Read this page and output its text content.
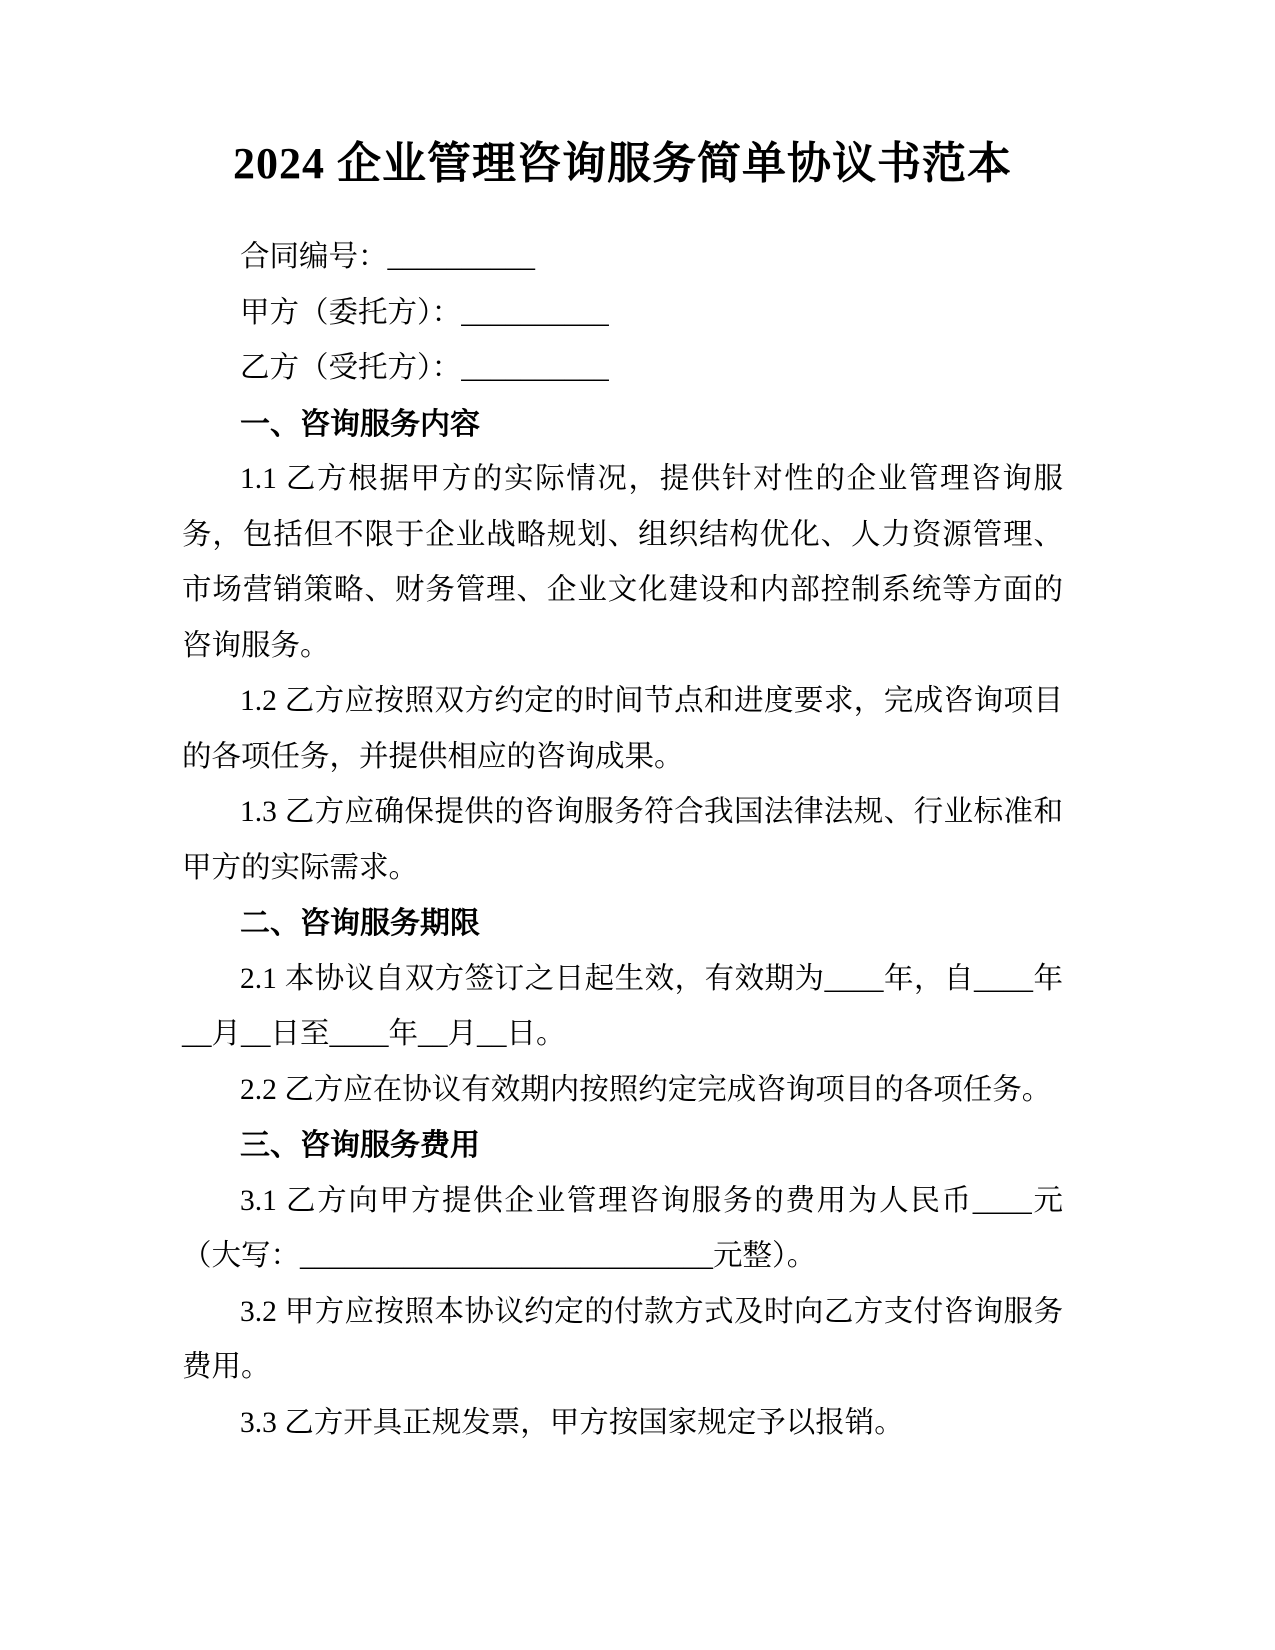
2024 企业管理咨询服务简单协议书范本

合同编号：__________

甲方（委托方）：__________

乙方（受托方）：__________

一、咨询服务内容

1.1 乙方根据甲方的实际情况，提供针对性的企业管理咨询服务，包括但不限于企业战略规划、组织结构优化、人力资源管理、市场营销策略、财务管理、企业文化建设和内部控制系统等方面的咨询服务。

1.2 乙方应按照双方约定的时间节点和进度要求，完成咨询项目的各项任务，并提供相应的咨询成果。

1.3 乙方应确保提供的咨询服务符合我国法律法规、行业标准和甲方的实际需求。

二、咨询服务期限

2.1 本协议自双方签订之日起生效，有效期为____年，自____年__月__日至____年__月__日。

2.2 乙方应在协议有效期内按照约定完成咨询项目的各项任务。

三、咨询服务费用

3.1 乙方向甲方提供企业管理咨询服务的费用为人民币____元（大写：____________________________元整）。

3.2 甲方应按照本协议约定的付款方式及时向乙方支付咨询服务费用。

3.3 乙方开具正规发票，甲方按国家规定予以报销。
